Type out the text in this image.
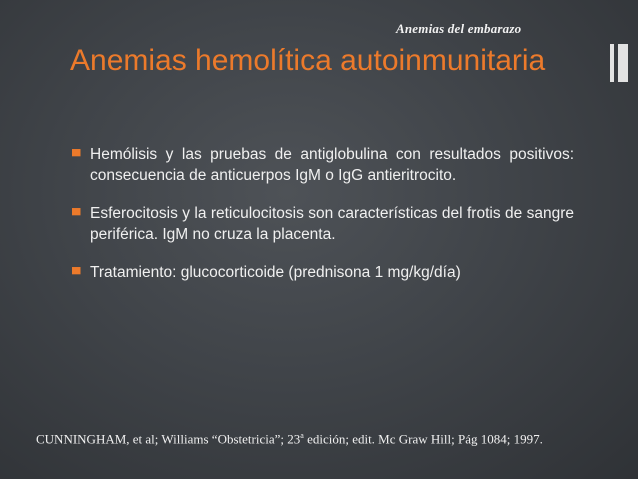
Anemias del embarazo
Anemias hemolítica autoinmunitaria
▀ Hemólisis y las pruebas de antiglobulina con resultados positivos: consecuencia de anticuerpos IgM o IgG antieritrocito.
▀ Esferocitosis y la reticulocitosis son características del frotis de sangre periférica. IgM no cruza la placenta.
▀ Tratamiento: glucocorticoide (prednisona 1 mg/kg/día)
CUNNINGHAM, et al; Williams “Obstetricia”; 23$^a$ edición; edit. Mc Graw Hill; Pág 1084; 1997.
